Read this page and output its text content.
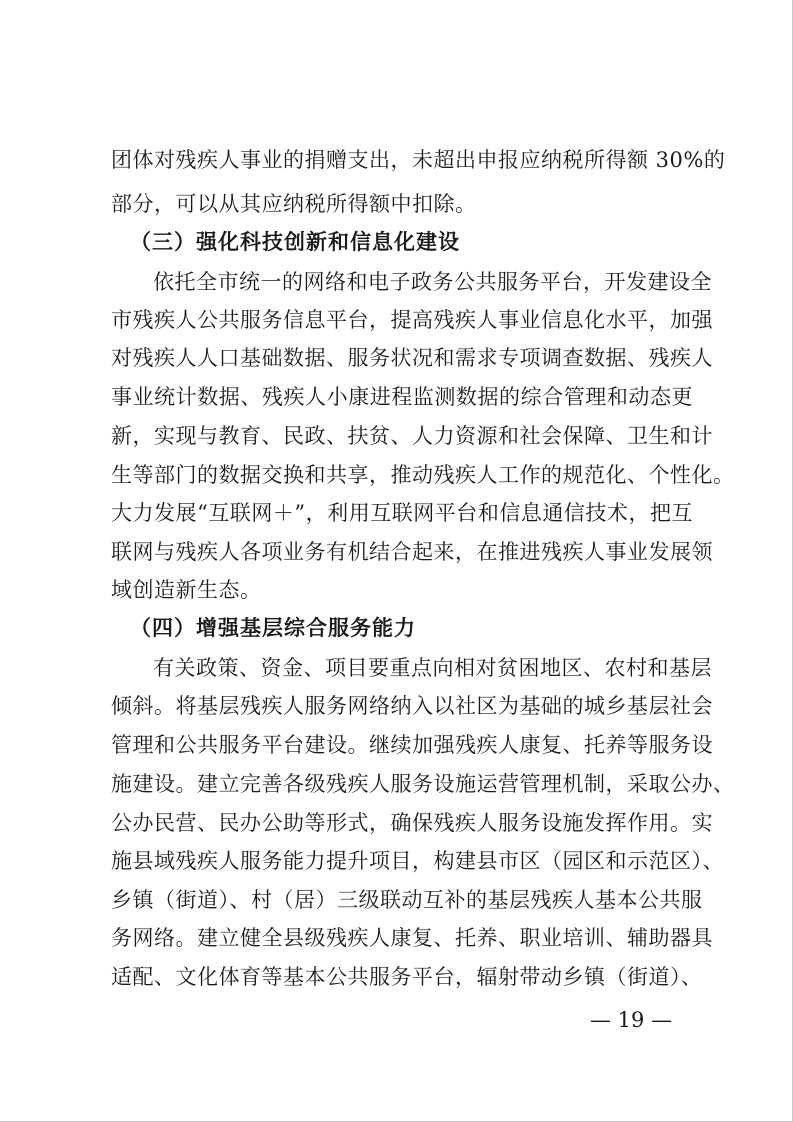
团体对残疾人事业的捐赠支出，未超出申报应纳税所得额 30%的
部分，可以从其应纳税所得额中扣除。
（三）强化科技创新和信息化建设
依托全市统一的网络和电子政务公共服务平台，开发建设全
市残疾人公共服务信息平台，提高残疾人事业信息化水平，加强
对残疾人人口基础数据、服务状况和需求专项调查数据、残疾人
事业统计数据、残疾人小康进程监测数据的综合管理和动态更
新，实现与教育、民政、扶贫、人力资源和社会保障、卫生和计
生等部门的数据交换和共享，推动残疾人工作的规范化、个性化。
大力发展“互联网＋”，利用互联网平台和信息通信技术，把互
联网与残疾人各项业务有机结合起来，在推进残疾人事业发展领
域创造新生态。
（四）增强基层综合服务能力
有关政策、资金、项目要重点向相对贫困地区、农村和基层
倾斜。将基层残疾人服务网络纳入以社区为基础的城乡基层社会
管理和公共服务平台建设。继续加强残疾人康复、托养等服务设
施建设。建立完善各级残疾人服务设施运营管理机制，采取公办、
公办民营、民办公助等形式，确保残疾人服务设施发挥作用。实
施县域残疾人服务能力提升项目，构建县市区（园区和示范区）、
乡镇（街道）、村（居）三级联动互补的基层残疾人基本公共服
务网络。建立健全县级残疾人康复、托养、职业培训、辅助器具
适配、文化体育等基本公共服务平台，辐射带动乡镇（街道）、
— 19 —
